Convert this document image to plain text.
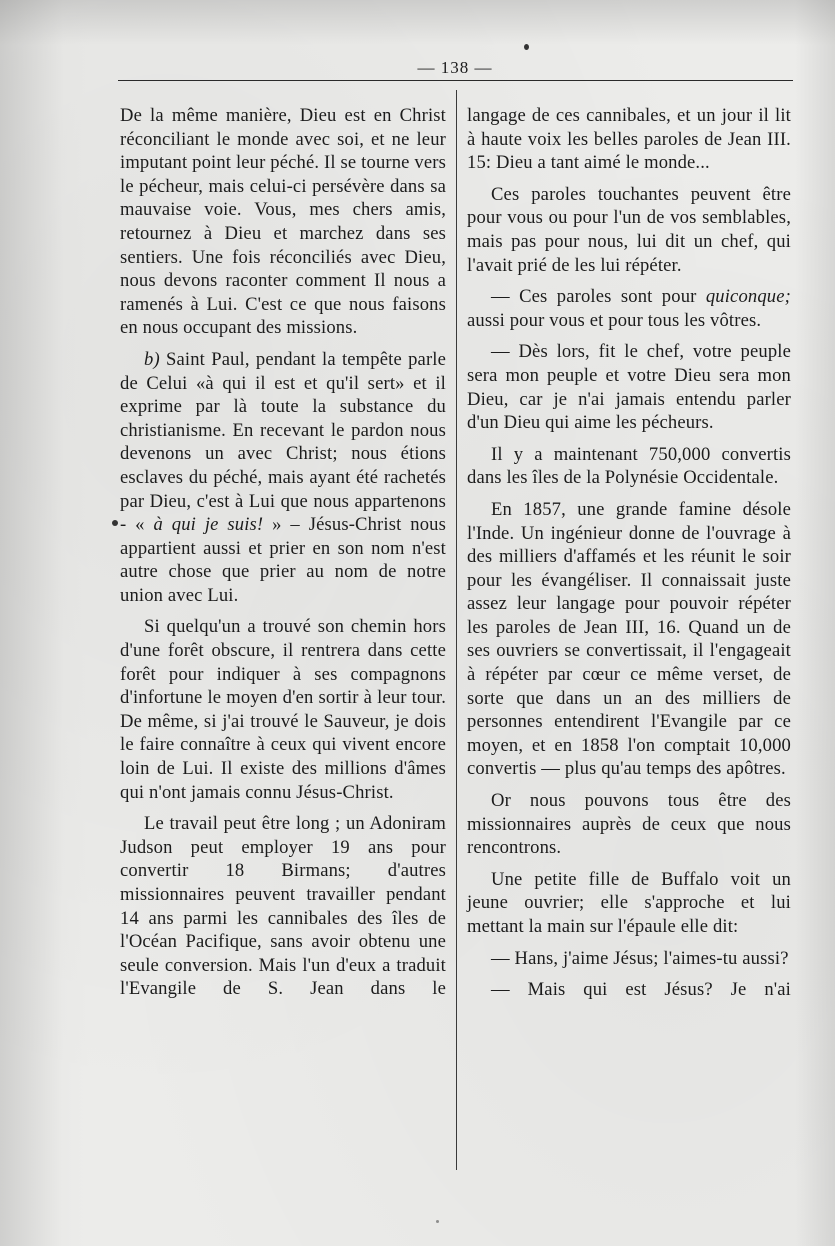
— 138 —

De la même manière, Dieu est en Christ réconciliant le monde avec soi, et ne leur imputant point leur péché. Il se tourne vers le pécheur, mais celui-ci persévère dans sa mauvaise voie. Vous, mes chers amis, retournez à Dieu et marchez dans ses sentiers. Une fois réconciliés avec Dieu, nous devons raconter comment Il nous a ramenés à Lui. C'est ce que nous faisons en nous occupant des missions.

b) Saint Paul, pendant la tempête parle de Celui «à qui il est et qu'il sert» et il exprime par là toute la substance du christianisme. En recevant le pardon nous devenons un avec Christ; nous étions esclaves du péché, mais ayant été rachetés par Dieu, c'est à Lui que nous appartenons - « à qui je suis! » – Jésus-Christ nous appartient aussi et prier en son nom n'est autre chose que prier au nom de notre union avec Lui.

Si quelqu'un a trouvé son chemin hors d'une forêt obscure, il rentrera dans cette forêt pour indiquer à ses compagnons d'infortune le moyen d'en sortir à leur tour. De même, si j'ai trouvé le Sauveur, je dois le faire connaître à ceux qui vivent encore loin de Lui. Il existe des millions d'âmes qui n'ont jamais connu Jésus-Christ.

Le travail peut être long ; un Adoniram Judson peut employer 19 ans pour convertir 18 Birmans; d'autres missionnaires peuvent travailler pendant 14 ans parmi les cannibales des îles de l'Océan Pacifique, sans avoir obtenu une seule conversion. Mais l'un d'eux a traduit l'Evangile de S. Jean dans le

langage de ces cannibales, et un jour il lit à haute voix les belles paroles de Jean III. 15: Dieu a tant aimé le monde...

Ces paroles touchantes peuvent être pour vous ou pour l'un de vos semblables, mais pas pour nous, lui dit un chef, qui l'avait prié de les lui répéter.

— Ces paroles sont pour quiconque; aussi pour vous et pour tous les vôtres.

— Dès lors, fit le chef, votre peuple sera mon peuple et votre Dieu sera mon Dieu, car je n'ai jamais entendu parler d'un Dieu qui aime les pécheurs.

Il y a maintenant 750,000 convertis dans les îles de la Polynésie Occidentale.

En 1857, une grande famine désole l'Inde. Un ingénieur donne de l'ouvrage à des milliers d'affamés et les réunit le soir pour les évangéliser. Il connaissait juste assez leur langage pour pouvoir répéter les paroles de Jean III, 16. Quand un de ses ouvriers se convertissait, il l'engageait à répéter par cœur ce même verset, de sorte que dans un an des milliers de personnes entendirent l'Evangile par ce moyen, et en 1858 l'on comptait 10,000 convertis — plus qu'au temps des apôtres.

Or nous pouvons tous être des missionnaires auprès de ceux que nous rencontrons.

Une petite fille de Buffalo voit un jeune ouvrier; elle s'approche et lui mettant la main sur l'épaule elle dit:

— Hans, j'aime Jésus; l'aimes-tu aussi?

— Mais qui est Jésus? Je n'ai
